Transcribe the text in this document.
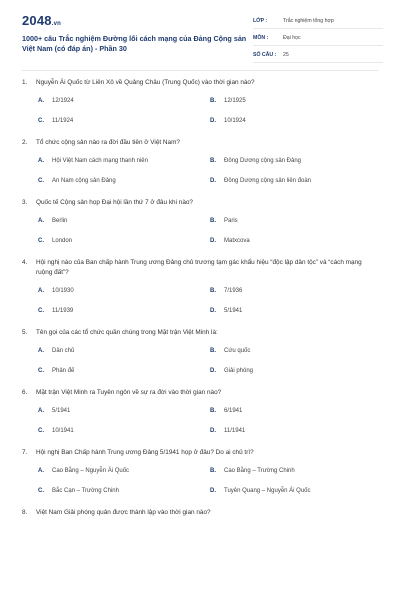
2048.vn
1000+ câu Trắc nghiệm Đường lối cách mạng của Đảng Cộng sản Việt Nam (có đáp án) - Phần 30
LỚP :	Trắc nghiệm tổng hợp
MÔN :	Đại học
SỐ CÂU :	25
1.	Nguyễn Ái Quốc từ Liên Xô về Quảng Châu (Trung Quốc) vào thời gian nào?
A.	12/1924	B.	12/1925
C.	11/1924	D.	10/1924
2.	Tổ chức cộng sản nào ra đời đầu tiên ở Việt Nam?
A.	Hội Việt Nam cách mạng thanh niên	B.	Đông Dương cộng sản Đảng
C.	An Nam cộng sản Đảng	D.	Đông Dương cộng sản liên đoàn
3.	Quốc tế Cộng sản họp Đại hội lần thứ 7 ở đâu khi nào?
A.	Berlin	B.	Paris
C.	London	D.	Matxcova
4.	Hội nghị nào của Ban chấp hành Trung ương Đảng chủ trương tạm gác khẩu hiệu “độc lập dân tộc” và “cách mạng ruộng đất”?
A.	10/1930	B.	7/1936
C.	11/1939	D.	5/1941
5.	Tên gọi của các tổ chức quần chúng trong Mặt trận Việt Minh là:
A.	Dân chủ	B.	Cứu quốc
C.	Phản đế	D.	Giải phóng
6.	Mặt trận Việt Minh ra Tuyên ngôn về sự ra đời vào thời gian nào?
A.	5/1941	B.	6/1941
C.	10/1941	D.	11/1941
7.	Hội nghị Ban Chấp hành Trung ương Đảng 5/1941 họp ở đâu? Do ai chủ trì?
A.	Cao Bằng – Nguyễn Ái Quốc	B.	Cao Bằng – Trường Chinh
C.	Bắc Cạn – Trường Chinh	D.	Tuyên Quang – Nguyễn Ái Quốc
8.	Việt Nam Giải phóng quân được thành lập vào thời gian nào?
